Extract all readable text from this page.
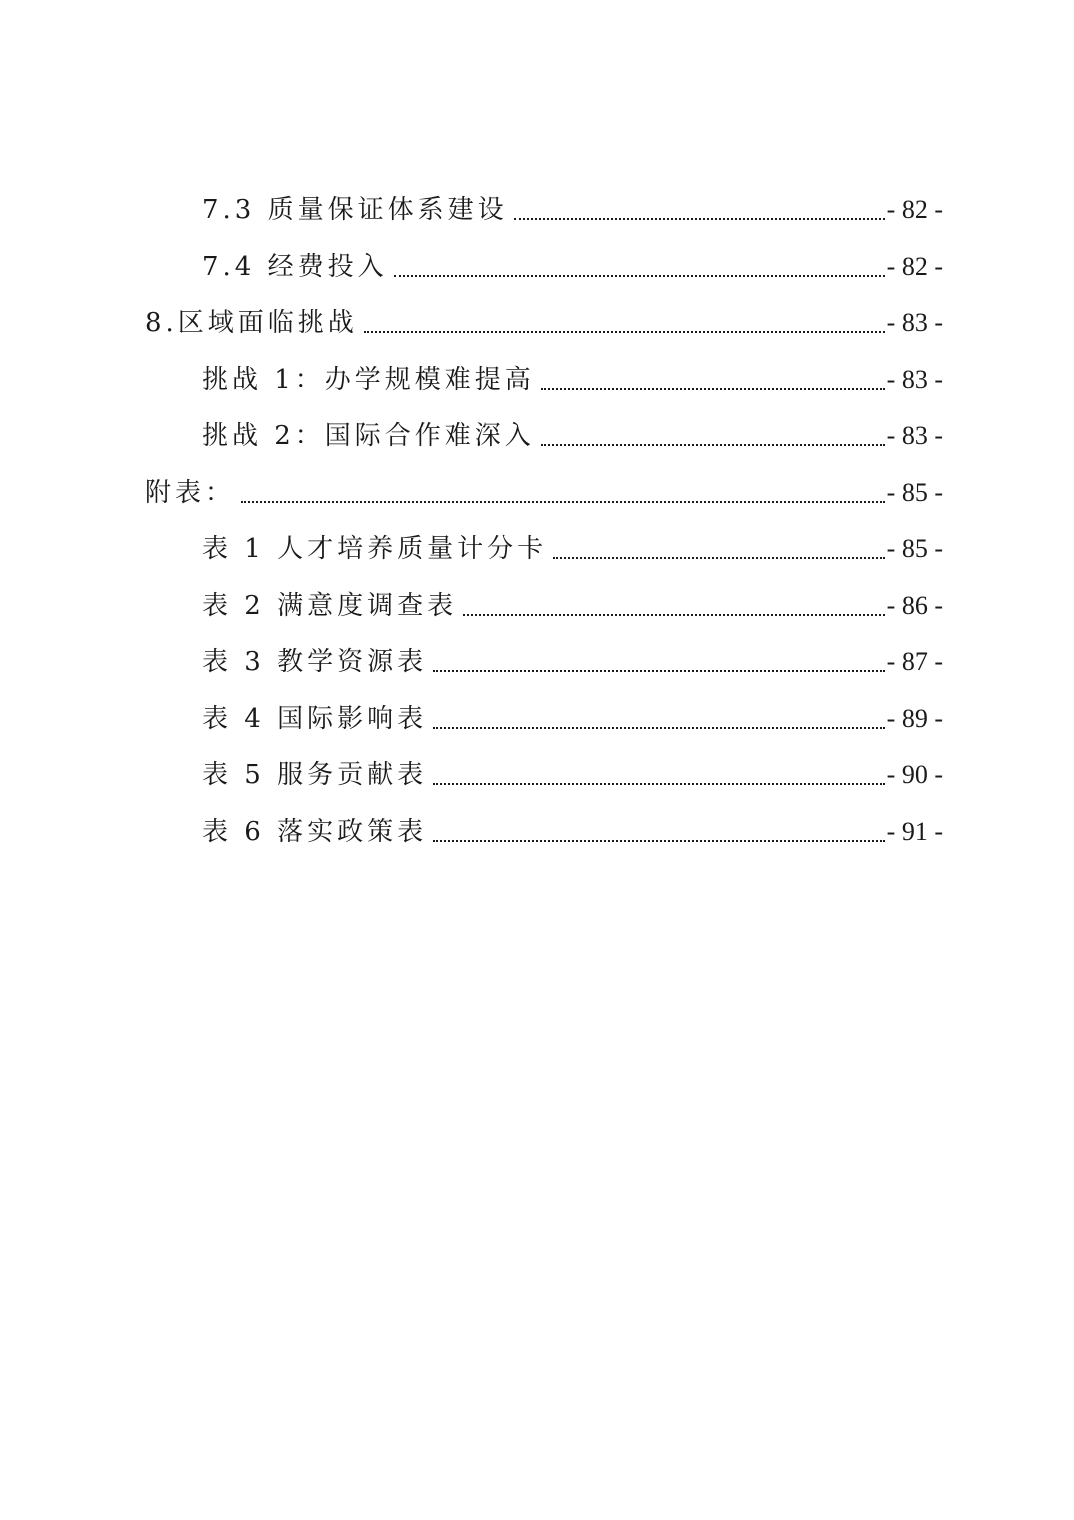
7.3 质量保证体系建设	- 82 -
7.4 经费投入	- 82 -
8.区域面临挑战	- 83 -
挑战 1：办学规模难提高	- 83 -
挑战 2：国际合作难深入	- 83 -
附表：	- 85 -
表 1 人才培养质量计分卡	- 85 -
表 2 满意度调查表	- 86 -
表 3 教学资源表	- 87 -
表 4 国际影响表	- 89 -
表 5 服务贡献表	- 90 -
表 6 落实政策表	- 91 -
